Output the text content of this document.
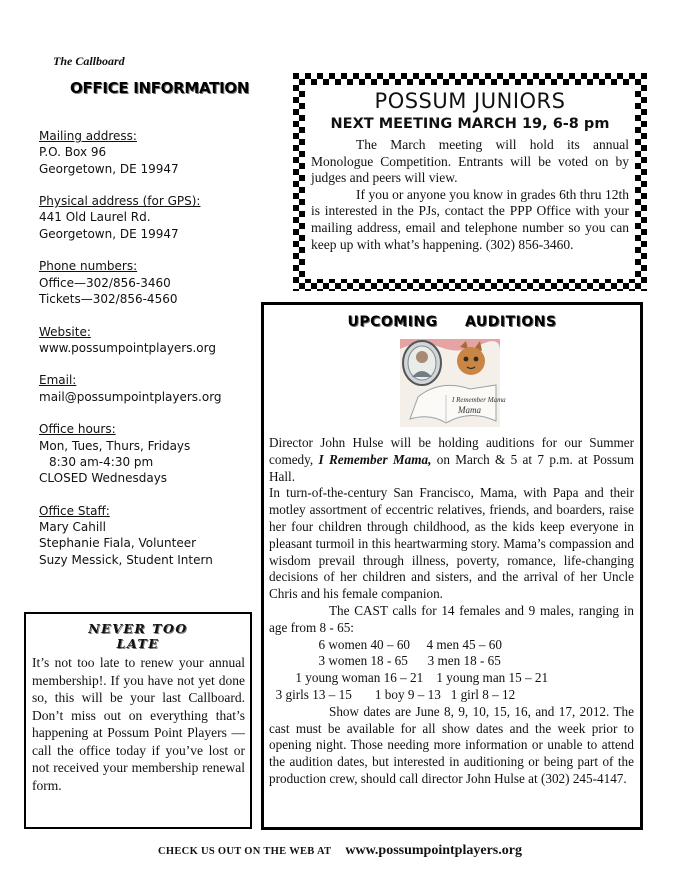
The Callboard
OFFICE INFORMATION
Mailing address:
P.O. Box 96
Georgetown, DE 19947
Physical address (for GPS):
441 Old Laurel Rd.
Georgetown, DE 19947
Phone numbers:
Office—302/856-3460
Tickets—302/856-4560
Website:
www.possumpointplayers.org
Email:
mail@possumpointplayers.org
Office hours:
Mon, Tues, Thurs, Fridays
8:30 am-4:30 pm
CLOSED Wednesdays
Office Staff:
Mary Cahill
Stephanie Fiala, Volunteer
Suzy Messick, Student Intern
POSSUM JUNIORS
NEXT MEETING MARCH 19, 6-8 pm

The March meeting will hold its annual Monologue Competition. Entrants will be voted on by judges and peers will view.

If you or anyone you know in grades 6th thru 12th is interested in the PJs, contact the PPP Office with your mailing address, email and telephone number so you can keep up with what’s happening. (302) 856-3460.

UPCOMING AUDITIONS
I Remember Mama
Mama

Director John Hulse will be holding auditions for our Summer comedy, I Remember Mama, on March & 5 at 7 p.m. at Possum Hall.

In turn-of-the-century San Francisco, Mama, with Papa and their motley assortment of eccentric relatives, friends, and boarders, raise her four children through childhood, as the kids keep everyone in pleasant turmoil in this heartwarming story. Mama’s compassion and wisdom prevail through illness, poverty, romance, life-changing decisions of her children and sisters, and the arrival of her Uncle Chris and his female companion.

The CAST calls for 14 females and 9 males, ranging in age from 8 - 65:

6 women 40 – 60     4 men 45 – 60
3 women 18 - 65      3 men 18 - 65
1 young woman 16 – 21    1 young man 15 – 21
3 girls 13 – 15       1 boy 9 – 13   1 girl 8 – 12

Show dates are June 8, 9, 10, 15, 16, and 17, 2012. The cast must be available for all show dates and the week prior to opening night. Those needing more information or unable to attend the audition dates, but interested in auditioning or being part of the production crew, should call director John Hulse at (302) 245-4147.

NEVER TOO
LATE
It’s not too late to renew your annual membership!. If you have not yet done so, this will be your last Callboard. Don’t miss out on everything that’s happening at Possum Point Players — call the office today if you’ve lost or not received your membership renewal form.
CHECK US OUT ON THE WEB AT www.possumpointplayers.org
